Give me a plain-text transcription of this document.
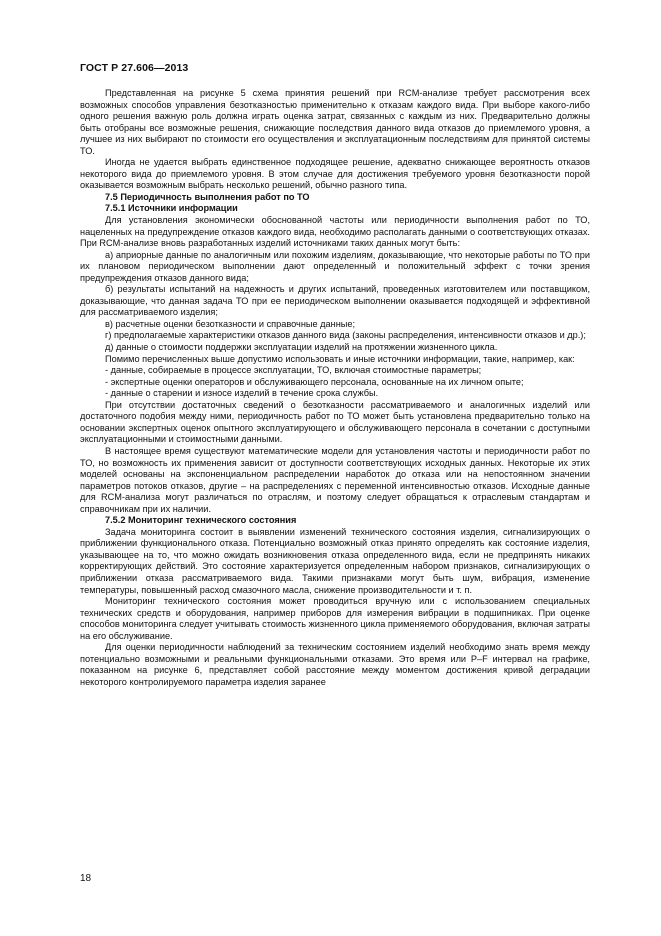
ГОСТ Р 27.606—2013

Представленная на рисунке 5 схема принятия решений при RCM-анализе требует рассмотрения всех возможных способов управления безотказностью применительно к отказам каждого вида. При выборе какого-либо одного решения важную роль должна играть оценка затрат, связанных с каждым из них. Предварительно должны быть отобраны все возможные решения, снижающие последствия данного вида отказов до приемлемого уровня, а лучшее из них выбирают по стоимости его осуществления и эксплуатационным последствиям для принятой системы ТО.

Иногда не удается выбрать единственное подходящее решение, адекватно снижающее вероятность отказов некоторого вида до приемлемого уровня. В этом случае для достижения требуемого уровня безотказности порой оказывается возможным выбрать несколько решений, обычно разного типа.

7.5 Периодичность выполнения работ по ТО

7.5.1 Источники информации

Для установления экономически обоснованной частоты или периодичности выполнения работ по ТО, нацеленных на предупреждение отказов каждого вида, необходимо располагать данными о соответствующих отказах. При RCM-анализе вновь разработанных изделий источниками таких данных могут быть:

а) априорные данные по аналогичным или похожим изделиям, доказывающие, что некоторые работы по ТО при их плановом периодическом выполнении дают определенный и положительный эффект с точки зрения предупреждения отказов данного вида;

б) результаты испытаний на надежность и других испытаний, проведенных изготовителем или поставщиком, доказывающие, что данная задача ТО при ее периодическом выполнении оказывается подходящей и эффективной для рассматриваемого изделия;

в) расчетные оценки безотказности и справочные данные;

г) предполагаемые характеристики отказов данного вида (законы распределения, интенсивности отказов и др.);

д) данные о стоимости поддержки эксплуатации изделий на протяжении жизненного цикла.

Помимо перечисленных выше допустимо использовать и иные источники информации, такие, например, как:

- данные, собираемые в процессе эксплуатации, ТО, включая стоимостные параметры;

- экспертные оценки операторов и обслуживающего персонала, основанные на их личном опыте;

- данные о старении и износе изделий в течение срока службы.

При отсутствии достаточных сведений о безотказности рассматриваемого и аналогичных изделий или достаточного подобия между ними, периодичность работ по ТО может быть установлена предварительно только на основании экспертных оценок опытного эксплуатирующего и обслуживающего персонала в сочетании с доступными эксплуатационными и стоимостными данными.

В настоящее время существуют математические модели для установления частоты и периодичности работ по ТО, но возможность их применения зависит от доступности соответствующих исходных данных. Некоторые их этих моделей основаны на экспоненциальном распределении наработок до отказа или на непостоянном значении параметров потоков отказов, другие – на распределениях с переменной интенсивностью отказов. Исходные данные для RCM-анализа могут различаться по отраслям, и поэтому следует обращаться к отраслевым стандартам и справочникам при их наличии.

7.5.2 Мониторинг технического состояния

Задача мониторинга состоит в выявлении изменений технического состояния изделия, сигнализирующих о приближении функционального отказа. Потенциально возможный отказ принято определять как состояние изделия, указывающее на то, что можно ожидать возникновения отказа определенного вида, если не предпринять никаких корректирующих действий. Это состояние характеризуется определенным набором признаков, сигнализирующих о приближении отказа рассматриваемого вида. Такими признаками могут быть шум, вибрация, изменение температуры, повышенный расход смазочного масла, снижение производительности и т. п.

Мониторинг технического состояния может проводиться вручную или с использованием специальных технических средств и оборудования, например приборов для измерения вибрации в подшипниках. При оценке способов мониторинга следует учитывать стоимость жизненного цикла применяемого оборудования, включая затраты на его обслуживание.

Для оценки периодичности наблюдений за техническим состоянием изделий необходимо знать время между потенциально возможными и реальными функциональными отказами. Это время или P–F интервал на графике, показанном на рисунке 6, представляет собой расстояние между моментом достижения кривой деградации некоторого контролируемого параметра изделия заранее

18
